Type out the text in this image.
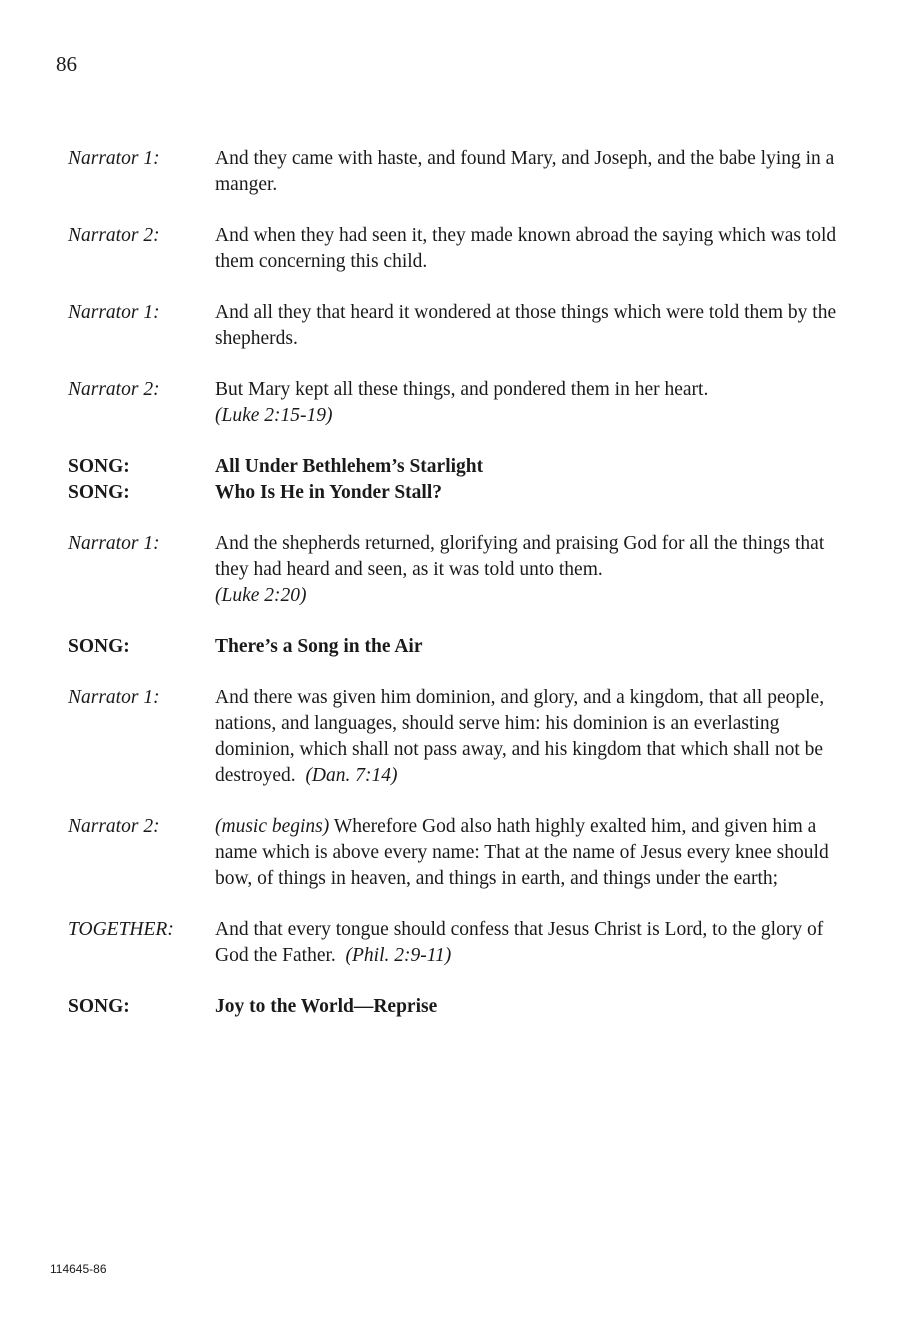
86
Narrator 1:	And they came with haste, and found Mary, and Joseph, and the babe lying in a manger.
Narrator 2:	And when they had seen it, they made known abroad the saying which was told them concerning this child.
Narrator 1:	And all they that heard it wondered at those things which were told them by the shepherds.
Narrator 2:	But Mary kept all these things, and pondered them in her heart.
(Luke 2:15-19)
SONG:	All Under Bethlehem’s Starlight
SONG:	Who Is He in Yonder Stall?
Narrator 1:	And the shepherds returned, glorifying and praising God for all the things that they had heard and seen, as it was told unto them.
(Luke 2:20)
SONG:	There’s a Song in the Air
Narrator 1:	And there was given him dominion, and glory, and a kingdom, that all people, nations, and languages, should serve him: his dominion is an everlasting dominion, which shall not pass away, and his kingdom that which shall not be destroyed. (Dan. 7:14)
Narrator 2:	(music begins) Wherefore God also hath highly exalted him, and given him a name which is above every name: That at the name of Jesus every knee should bow, of things in heaven, and things in earth, and things under the earth;
TOGETHER:	And that every tongue should confess that Jesus Christ is Lord, to the glory of God the Father. (Phil. 2:9-11)
SONG:	Joy to the World—Reprise
114645-86
